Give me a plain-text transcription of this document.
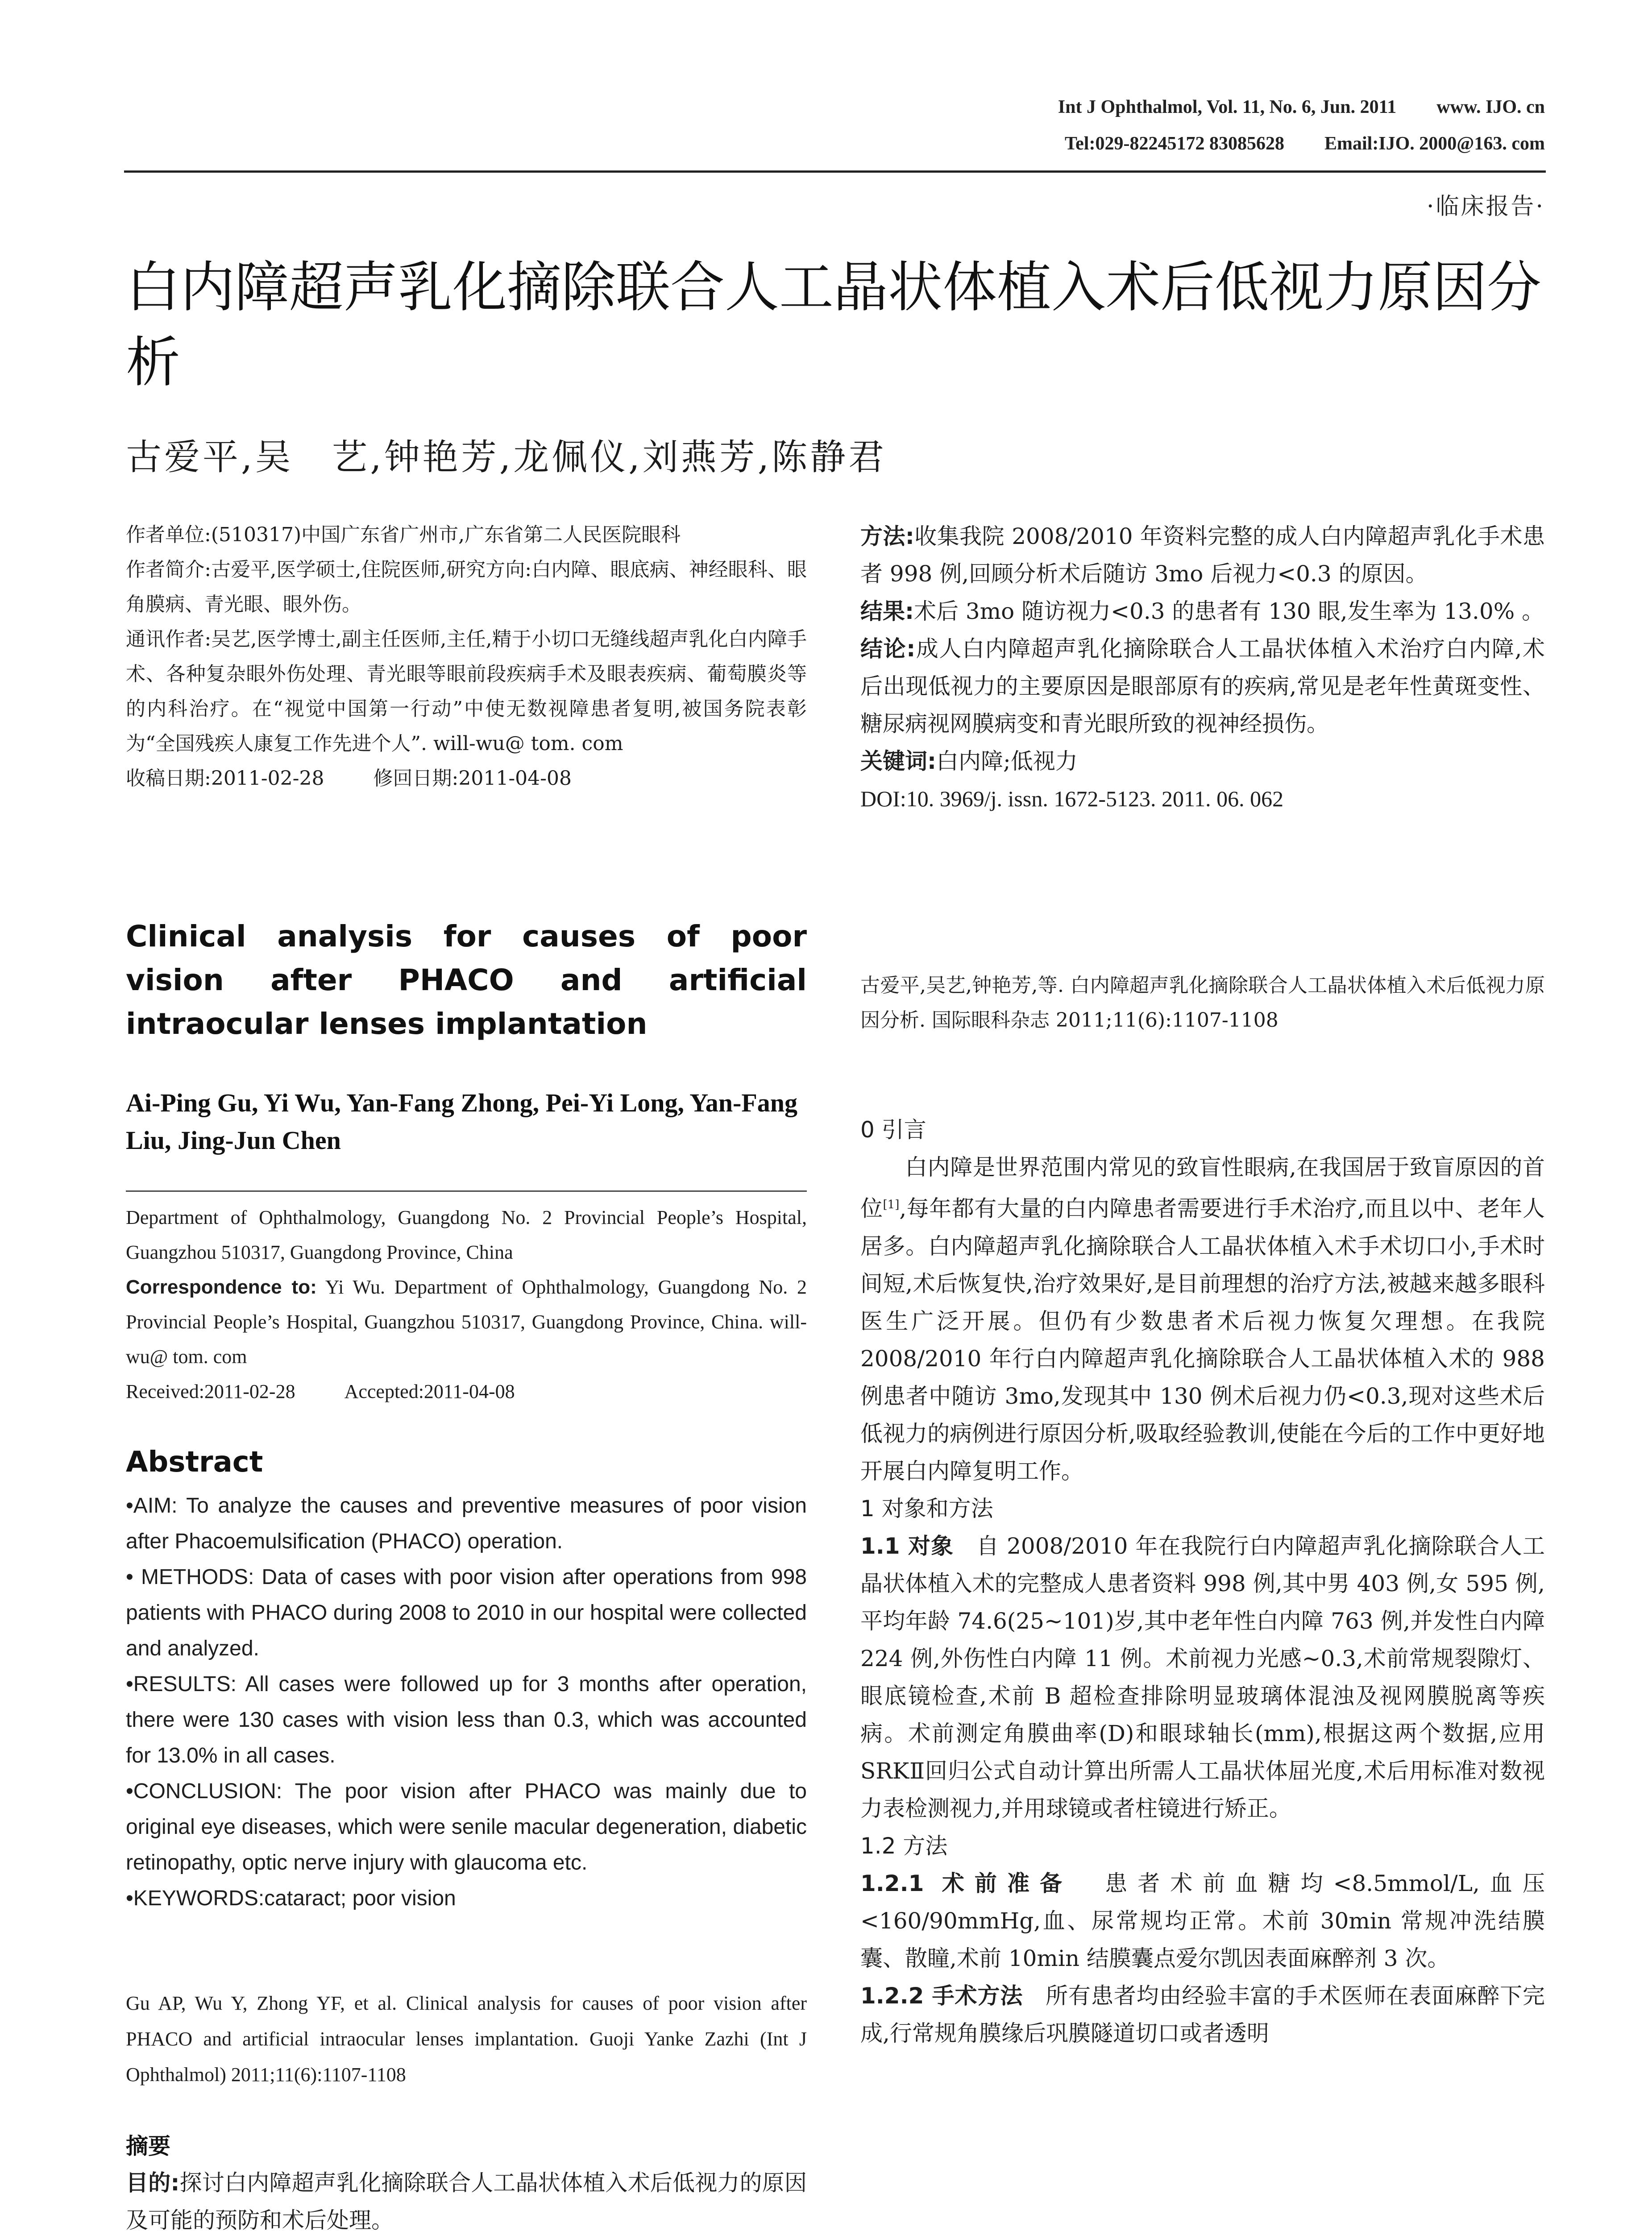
Int J Ophthalmol, Vol. 11, No. 6, Jun. 2011 www. IJO. cn
Tel:029-82245172 83085628 Email:IJO. 2000@163. com
·临床报告·
白内障超声乳化摘除联合人工晶状体植入术后低视力原因分析
古爱平,吴　艺,钟艳芳,龙佩仪,刘燕芳,陈静君

作者单位:(510317)中国广东省广州市,广东省第二人民医院眼科

作者简介:古爱平,医学硕士,住院医师,研究方向:白内障、眼底病、神经眼科、眼角膜病、青光眼、眼外伤。

通讯作者:吴艺,医学博士,副主任医师,主任,精于小切口无缝线超声乳化白内障手术、各种复杂眼外伤处理、青光眼等眼前段疾病手术及眼表疾病、葡萄膜炎等的内科治疗。在“视觉中国第一行动”中使无数视障患者复明,被国务院表彰为“全国残疾人康复工作先进个人”. will-wu@ tom. com

收稿日期:2011-02-28	修回日期:2011-04-08

Clinical analysis for causes of poor vision after PHACO and artificial intraocular lenses implantation
Ai-Ping Gu, Yi Wu, Yan-Fang Zhong, Pei-Yi Long, Yan-Fang Liu, Jing-Jun Chen
Department of Ophthalmology, Guangdong No. 2 Provincial People’s Hospital, Guangzhou 510317, Guangdong Province, China
Correspondence to: Yi Wu. Department of Ophthalmology, Guangdong No. 2 Provincial People’s Hospital, Guangzhou 510317, Guangdong Province, China. will-wu@ tom. com
Received:2011-02-28	Accepted:2011-04-08
Abstract

•AIM: To analyze the causes and preventive measures of poor vision after Phacoemulsification (PHACO) operation.

• METHODS: Data of cases with poor vision after operations from 998 patients with PHACO during 2008 to 2010 in our hospital were collected and analyzed.

•RESULTS: All cases were followed up for 3 months after operation, there were 130 cases with vision less than 0.3, which was accounted for 13.0% in all cases.

•CONCLUSION: The poor vision after PHACO was mainly due to original eye diseases, which were senile macular degeneration, diabetic retinopathy, optic nerve injury with glaucoma etc.

•KEYWORDS:cataract; poor vision

Gu AP, Wu Y, Zhong YF, et al. Clinical analysis for causes of poor vision after PHACO and artificial intraocular lenses implantation. Guoji Yanke Zazhi (Int J Ophthalmol) 2011;11(6):1107-1108
摘要

目的:探讨白内障超声乳化摘除联合人工晶状体植入术后低视力的原因及可能的预防和术后处理。

方法:收集我院 2008/2010 年资料完整的成人白内障超声乳化手术患者 998 例,回顾分析术后随访 3mo 后视力<0.3 的原因。

结果:术后 3mo 随访视力<0.3 的患者有 130 眼,发生率为 13.0% 。

结论:成人白内障超声乳化摘除联合人工晶状体植入术治疗白内障,术后出现低视力的主要原因是眼部原有的疾病,常见是老年性黄斑变性、糖尿病视网膜病变和青光眼所致的视神经损伤。

关键词:白内障;低视力

DOI:10. 3969/j. issn. 1672-5123. 2011. 06. 062

古爱平,吴艺,钟艳芳,等. 白内障超声乳化摘除联合人工晶状体植入术后低视力原因分析. 国际眼科杂志 2011;11(6):1107-1108

0 引言

白内障是世界范围内常见的致盲性眼病,在我国居于致盲原因的首位[1],每年都有大量的白内障患者需要进行手术治疗,而且以中、老年人居多。白内障超声乳化摘除联合人工晶状体植入术手术切口小,手术时间短,术后恢复快,治疗效果好,是目前理想的治疗方法,被越来越多眼科医生广泛开展。但仍有少数患者术后视力恢复欠理想。在我院 2008/2010 年行白内障超声乳化摘除联合人工晶状体植入术的 988 例患者中随访 3mo,发现其中 130 例术后视力仍<0.3,现对这些术后低视力的病例进行原因分析,吸取经验教训,使能在今后的工作中更好地开展白内障复明工作。

1 对象和方法

1.1 对象 自 2008/2010 年在我院行白内障超声乳化摘除联合人工晶状体植入术的完整成人患者资料 998 例,其中男 403 例,女 595 例,平均年龄 74.6(25~101)岁,其中老年性白内障 763 例,并发性白内障 224 例,外伤性白内障 11 例。术前视力光感~0.3,术前常规裂隙灯、眼底镜检查,术前 B 超检查排除明显玻璃体混浊及视网膜脱离等疾病。术前测定角膜曲率(D)和眼球轴长(mm),根据这两个数据,应用 SRKⅡ回归公式自动计算出所需人工晶状体屈光度,术后用标准对数视力表检测视力,并用球镜或者柱镜进行矫正。

1.2 方法

1.2.1 术前准备 患者术前血糖均<8.5mmol/L,血压<160/90mmHg,血、尿常规均正常。术前 30min 常规冲洗结膜囊、散瞳,术前 10min 结膜囊点爱尔凯因表面麻醉剂 3 次。

1.2.2 手术方法 所有患者均由经验丰富的手术医师在表面麻醉下完成,行常规角膜缘后巩膜隧道切口或者透明
